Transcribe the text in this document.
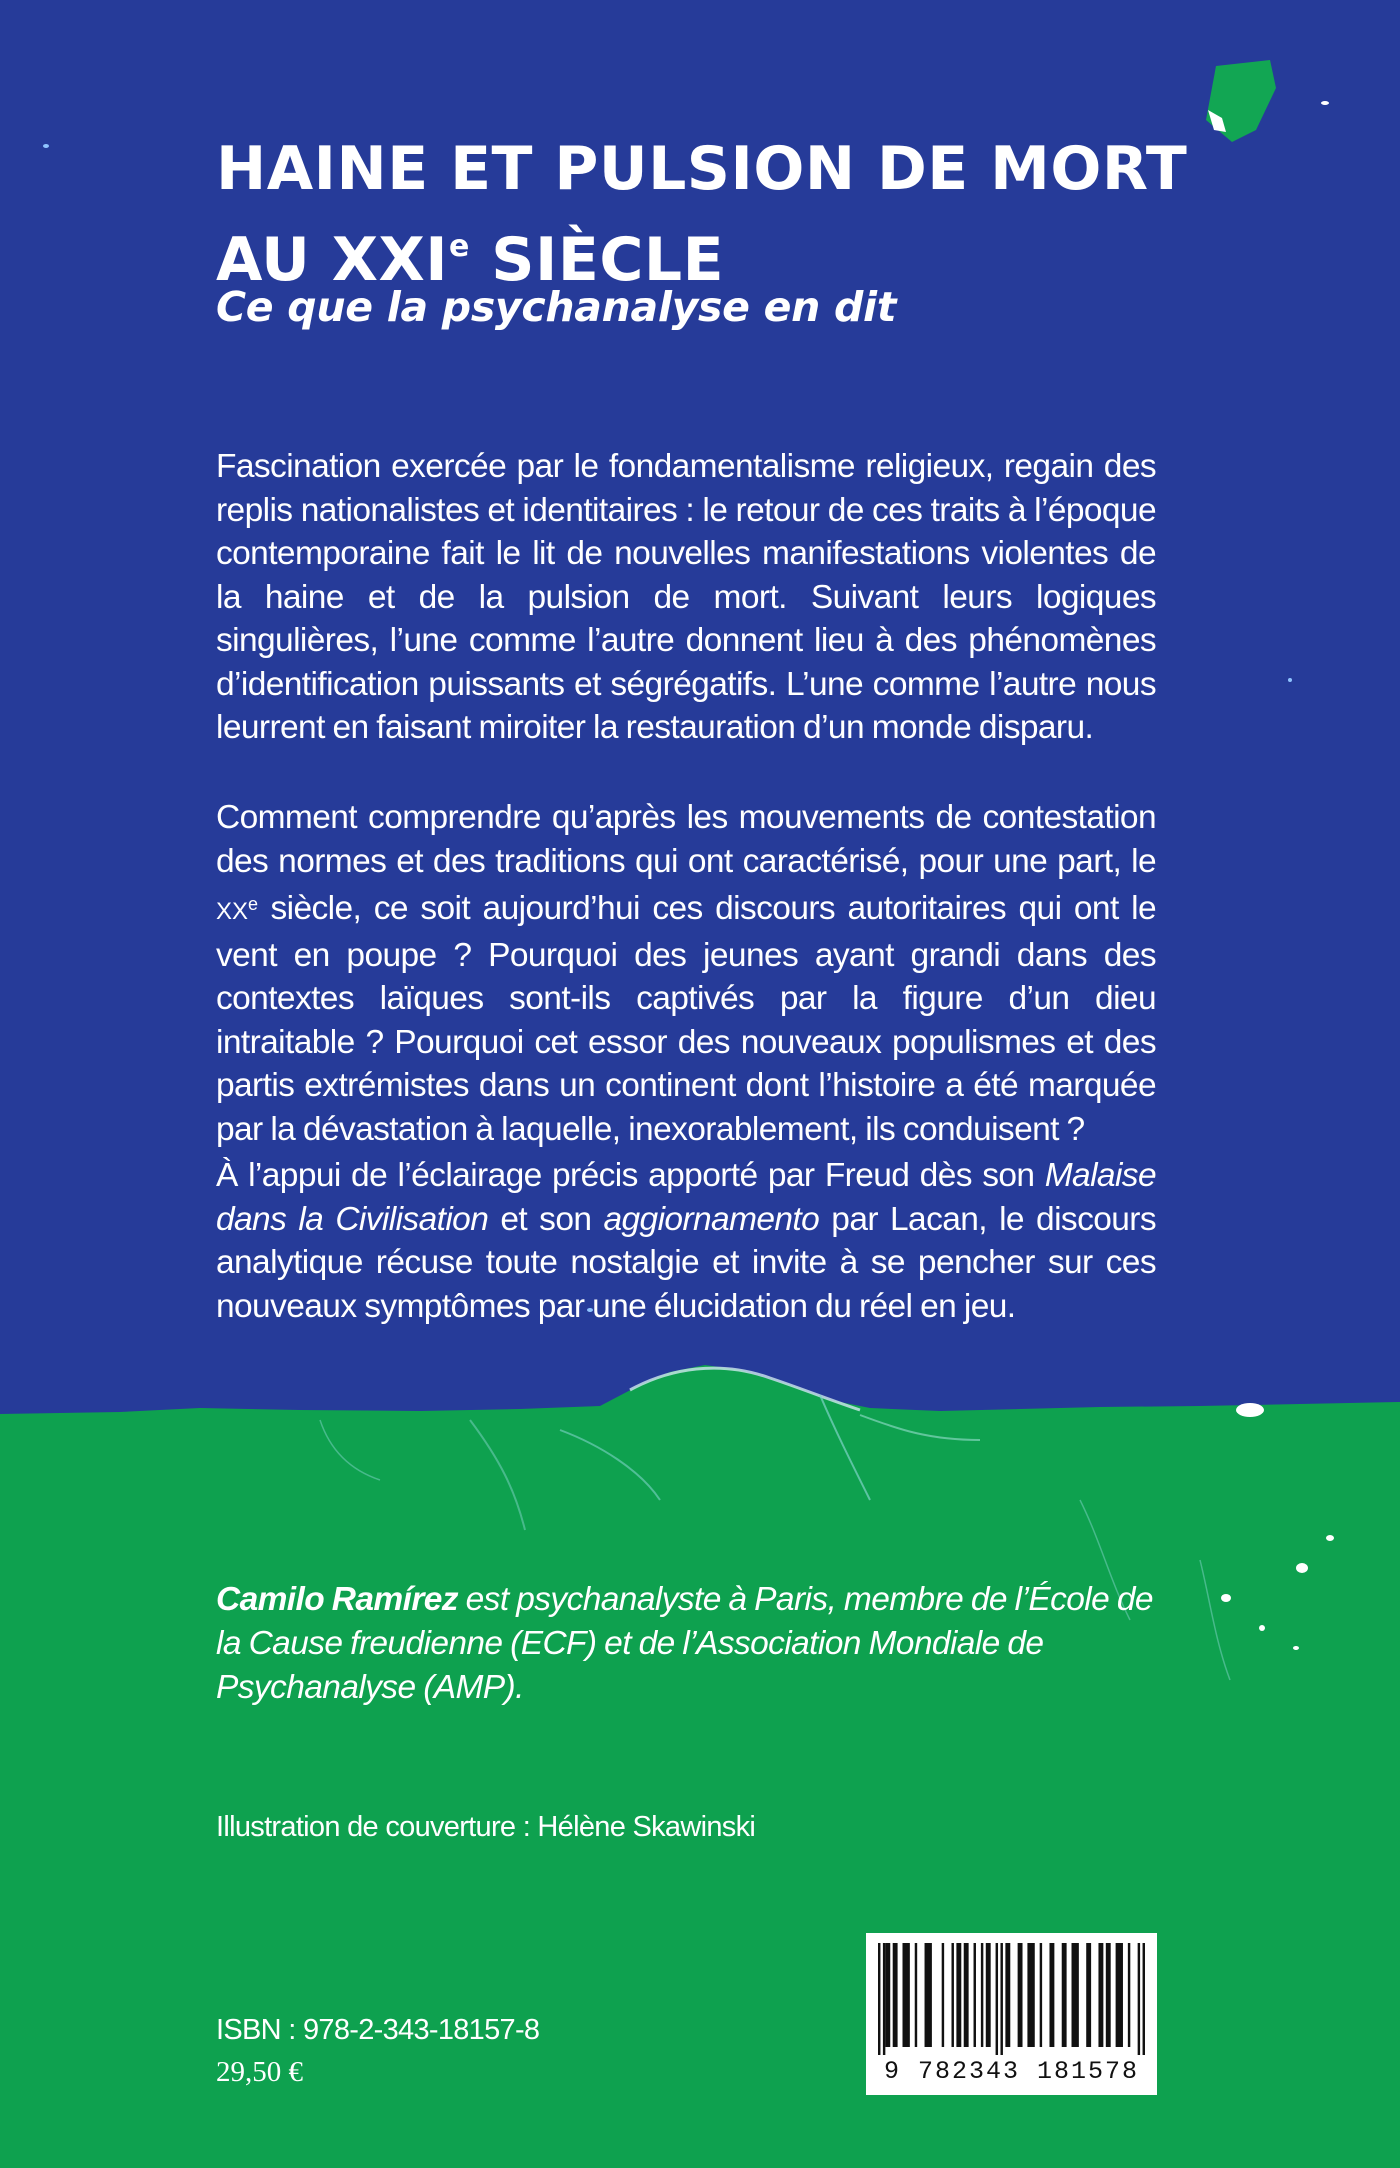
HAINE ET PULSION DE MORT
AU XXIe SIÈCLE
Ce que la psychanalyse en dit

Fascination exercée par le fondamentalisme religieux, regain des replis nationalistes et identitaires : le retour de ces traits à l’époque contemporaine fait le lit de nouvelles manifestations violentes de la haine et de la pulsion de mort. Suivant leurs logiques singulières, l’une comme l’autre donnent lieu à des phénomènes d’identification puissants et ségrégatifs. L’une comme l’autre nous leurrent en faisant miroiter la restauration d’un monde disparu.

Comment comprendre qu’après les mouvements de contestation des normes et des traditions qui ont caractérisé, pour une part, le XXe siècle, ce soit aujourd’hui ces discours autoritaires qui ont le vent en poupe ? Pourquoi des jeunes ayant grandi dans des contextes laïques sont-ils captivés par la figure d’un dieu intraitable ? Pourquoi cet essor des nouveaux populismes et des partis extrémistes dans un continent dont l’histoire a été marquée par la dévastation à laquelle, inexorablement, ils conduisent ?

À l’appui de l’éclairage précis apporté par Freud dès son Malaise dans la Civilisation et son aggiornamento par Lacan, le discours analytique récuse toute nostalgie et invite à se pencher sur ces nouveaux symptômes par une élucidation du réel en jeu.

Camilo Ramírez est psychanalyste à Paris, membre de l’École de la Cause freudienne (ECF) et de l’Association Mondiale de Psychanalyse (AMP).

Illustration de couverture : Hélène Skawinski

ISBN : 978-2-343-18157-8

29,50 €	9 782343 181578
